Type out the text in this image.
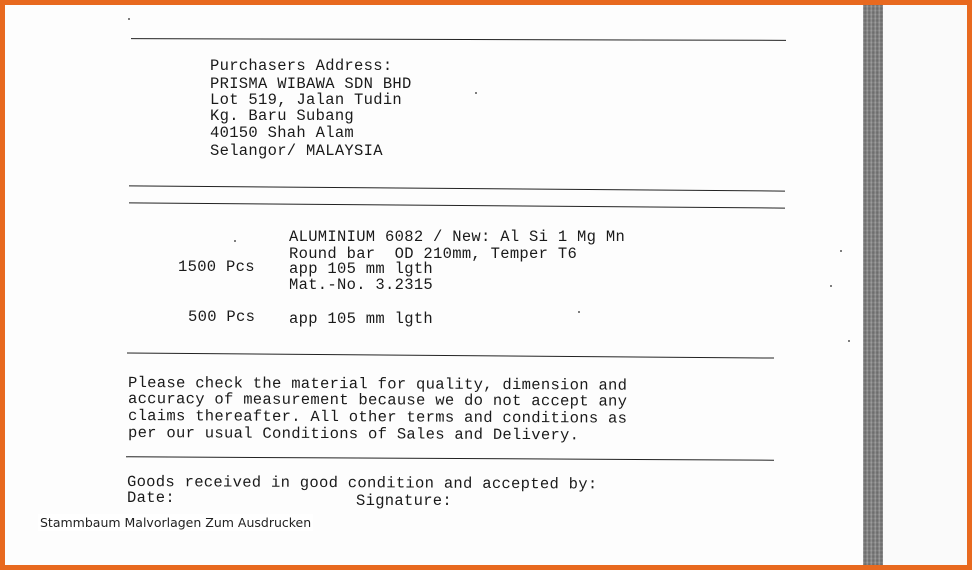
Purchasers Address:
PRISMA WIBAWA SDN BHD
Lot 519, Jalan Tudin
Kg. Baru Subang
40150 Shah Alam
Selangor/ MALAYSIA
ALUMINIUM 6082 / New: Al Si 1 Mg Mn
Round bar  OD 210mm, Temper T6
1500 Pcs app 105 mm lgth
Mat.-No. 3.2315
500 Pcs app 105 mm lgth
Please check the material for quality, dimension and
accuracy of measurement because we do not accept any
claims thereafter. All other terms and conditions as
per our usual Conditions of Sales and Delivery.
Goods received in good condition and accepted by:
Date:	Signature:
Stammbaum Malvorlagen Zum Ausdrucken
